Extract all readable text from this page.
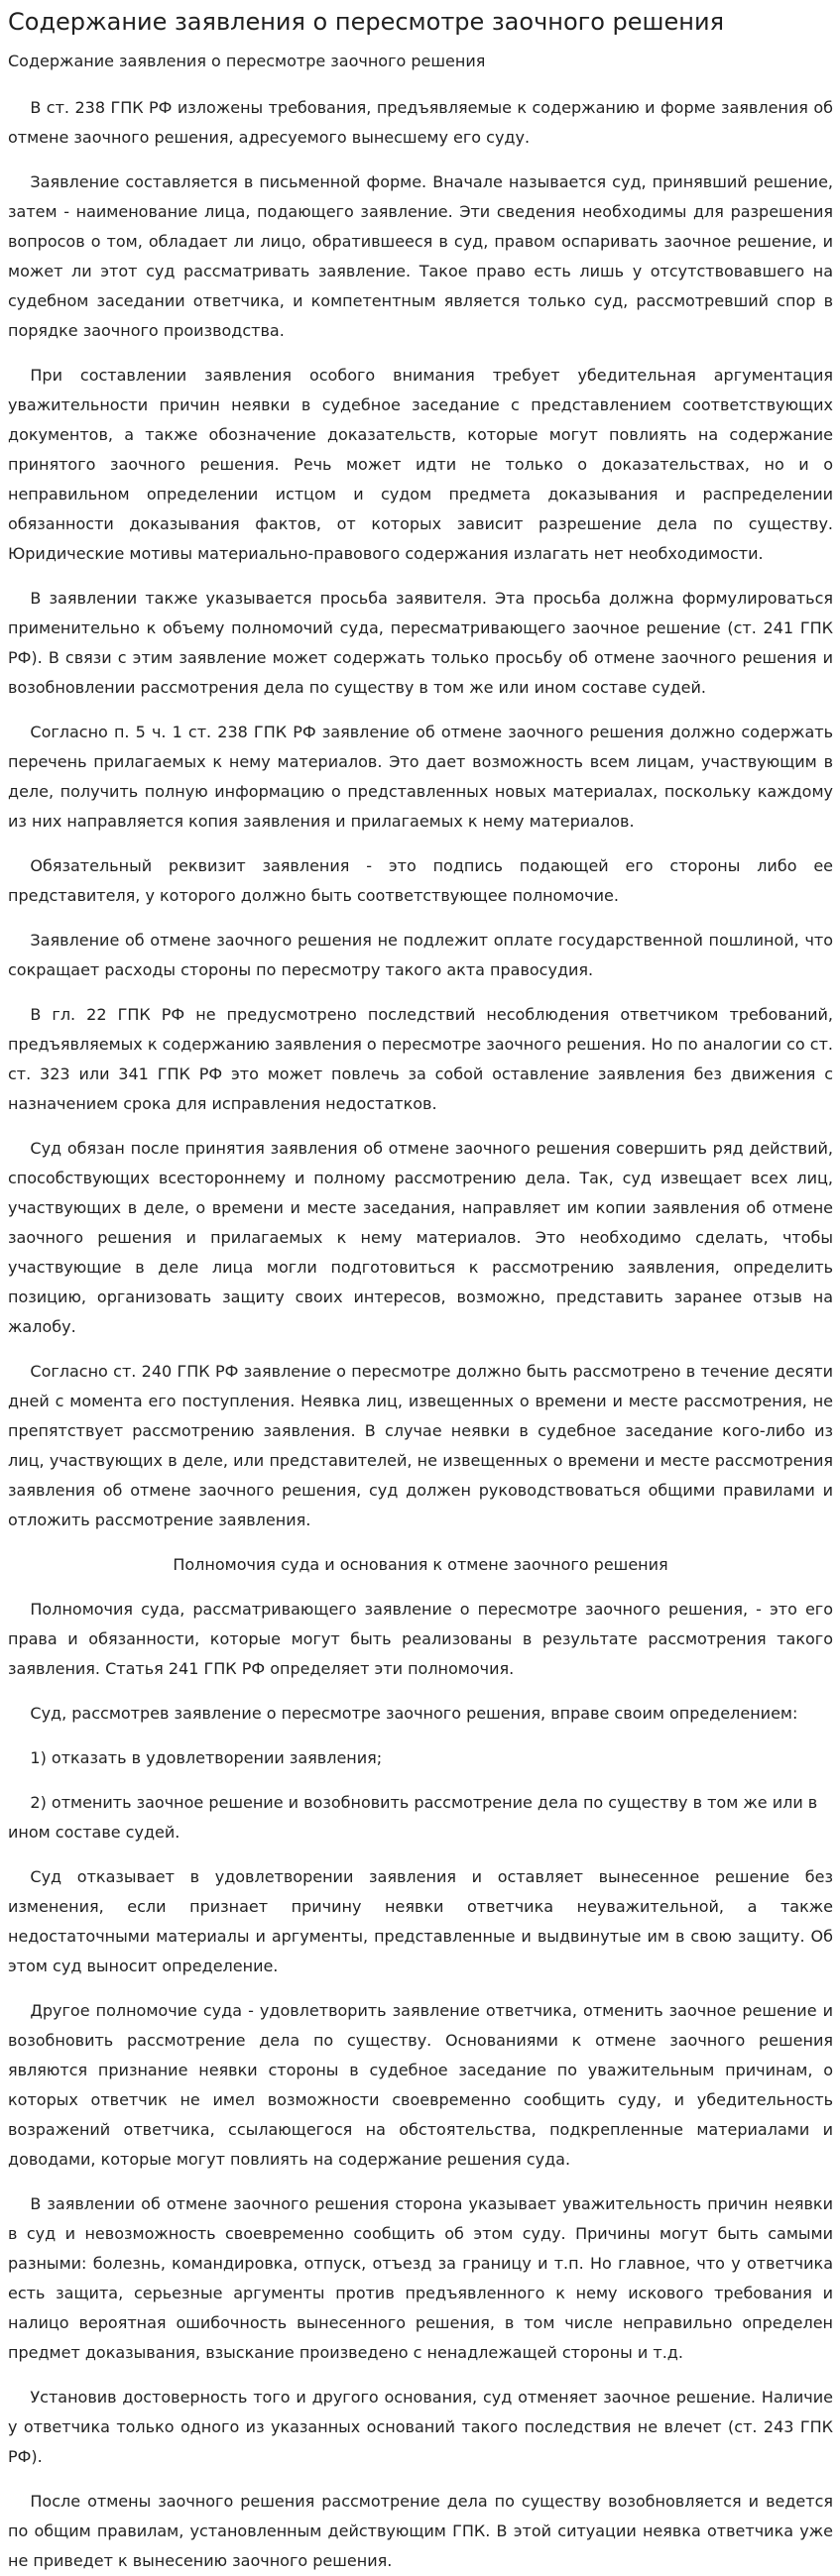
Содержание заявления о пересмотре заочного решения
Содержание заявления о пересмотре заочного решения

В ст. 238 ГПК РФ изложены требования, предъявляемые к содержанию и форме заявления об отмене заочного решения, адресуемого вынесшему его суду.

Заявление составляется в письменной форме. Вначале называется суд, принявший решение, затем - наименование лица, подающего заявление. Эти сведения необходимы для разрешения вопросов о том, обладает ли лицо, обратившееся в суд, правом оспаривать заочное решение, и может ли этот суд рассматривать заявление. Такое право есть лишь у отсутствовавшего на судебном заседании ответчика, и компетентным является только суд, рассмотревший спор в порядке заочного производства.

При составлении заявления особого внимания требует убедительная аргументация уважительности причин неявки в судебное заседание с представлением соответствующих документов, а также обозначение доказательств, которые могут повлиять на содержание принятого заочного решения. Речь может идти не только о доказательствах, но и о неправильном определении истцом и судом предмета доказывания и распределении обязанности доказывания фактов, от которых зависит разрешение дела по существу. Юридические мотивы материально-правового содержания излагать нет необходимости.

В заявлении также указывается просьба заявителя. Эта просьба должна формулироваться применительно к объему полномочий суда, пересматривающего заочное решение (ст. 241 ГПК РФ). В связи с этим заявление может содержать только просьбу об отмене заочного решения и возобновлении рассмотрения дела по существу в том же или ином составе судей.

Согласно п. 5 ч. 1 ст. 238 ГПК РФ заявление об отмене заочного решения должно содержать перечень прилагаемых к нему материалов. Это дает возможность всем лицам, участвующим в деле, получить полную информацию о представленных новых материалах, поскольку каждому из них направляется копия заявления и прилагаемых к нему материалов.

Обязательный реквизит заявления - это подпись подающей его стороны либо ее представителя, у которого должно быть соответствующее полномочие.

Заявление об отмене заочного решения не подлежит оплате государственной пошлиной, что сокращает расходы стороны по пересмотру такого акта правосудия.

В гл. 22 ГПК РФ не предусмотрено последствий несоблюдения ответчиком требований, предъявляемых к содержанию заявления о пересмотре заочного решения. Но по аналогии со ст. ст. 323 или 341 ГПК РФ это может повлечь за собой оставление заявления без движения с назначением срока для исправления недостатков.

Суд обязан после принятия заявления об отмене заочного решения совершить ряд действий, способствующих всестороннему и полному рассмотрению дела. Так, суд извещает всех лиц, участвующих в деле, о времени и месте заседания, направляет им копии заявления об отмене заочного решения и прилагаемых к нему материалов. Это необходимо сделать, чтобы участвующие в деле лица могли подготовиться к рассмотрению заявления, определить позицию, организовать защиту своих интересов, возможно, представить заранее отзыв на жалобу.

Согласно ст. 240 ГПК РФ заявление о пересмотре должно быть рассмотрено в течение десяти дней с момента его поступления. Неявка лиц, извещенных о времени и месте рассмотрения, не препятствует рассмотрению заявления. В случае неявки в судебное заседание кого-либо из лиц, участвующих в деле, или представителей, не извещенных о времени и месте рассмотрения заявления об отмене заочного решения, суд должен руководствоваться общими правилами и отложить рассмотрение заявления.

Полномочия суда и основания к отмене заочного решения

Полномочия суда, рассматривающего заявление о пересмотре заочного решения, - это его права и обязанности, которые могут быть реализованы в результате рассмотрения такого заявления. Статья 241 ГПК РФ определяет эти полномочия.

Суд, рассмотрев заявление о пересмотре заочного решения, вправе своим определением:

1) отказать в удовлетворении заявления;

2) отменить заочное решение и возобновить рассмотрение дела по существу в том же или в ином составе судей.

Суд отказывает в удовлетворении заявления и оставляет вынесенное решение без изменения, если признает причину неявки ответчика неуважительной, а также недостаточными материалы и аргументы, представленные и выдвинутые им в свою защиту. Об этом суд выносит определение.

Другое полномочие суда - удовлетворить заявление ответчика, отменить заочное решение и возобновить рассмотрение дела по существу. Основаниями к отмене заочного решения являются признание неявки стороны в судебное заседание по уважительным причинам, о которых ответчик не имел возможности своевременно сообщить суду, и убедительность возражений ответчика, ссылающегося на обстоятельства, подкрепленные материалами и доводами, которые могут повлиять на содержание решения суда.

В заявлении об отмене заочного решения сторона указывает уважительность причин неявки в суд и невозможность своевременно сообщить об этом суду. Причины могут быть самыми разными: болезнь, командировка, отпуск, отъезд за границу и т.п. Но главное, что у ответчика есть защита, серьезные аргументы против предъявленного к нему искового требования и налицо вероятная ошибочность вынесенного решения, в том числе неправильно определен предмет доказывания, взыскание произведено с ненадлежащей стороны и т.д.

Установив достоверность того и другого основания, суд отменяет заочное решение. Наличие у ответчика только одного из указанных оснований такого последствия не влечет (ст. 243 ГПК РФ).

После отмены заочного решения рассмотрение дела по существу возобновляется и ведется по общим правилам, установленным действующим ГПК. В этой ситуации неявка ответчика уже не приведет к вынесению заочного решения.
